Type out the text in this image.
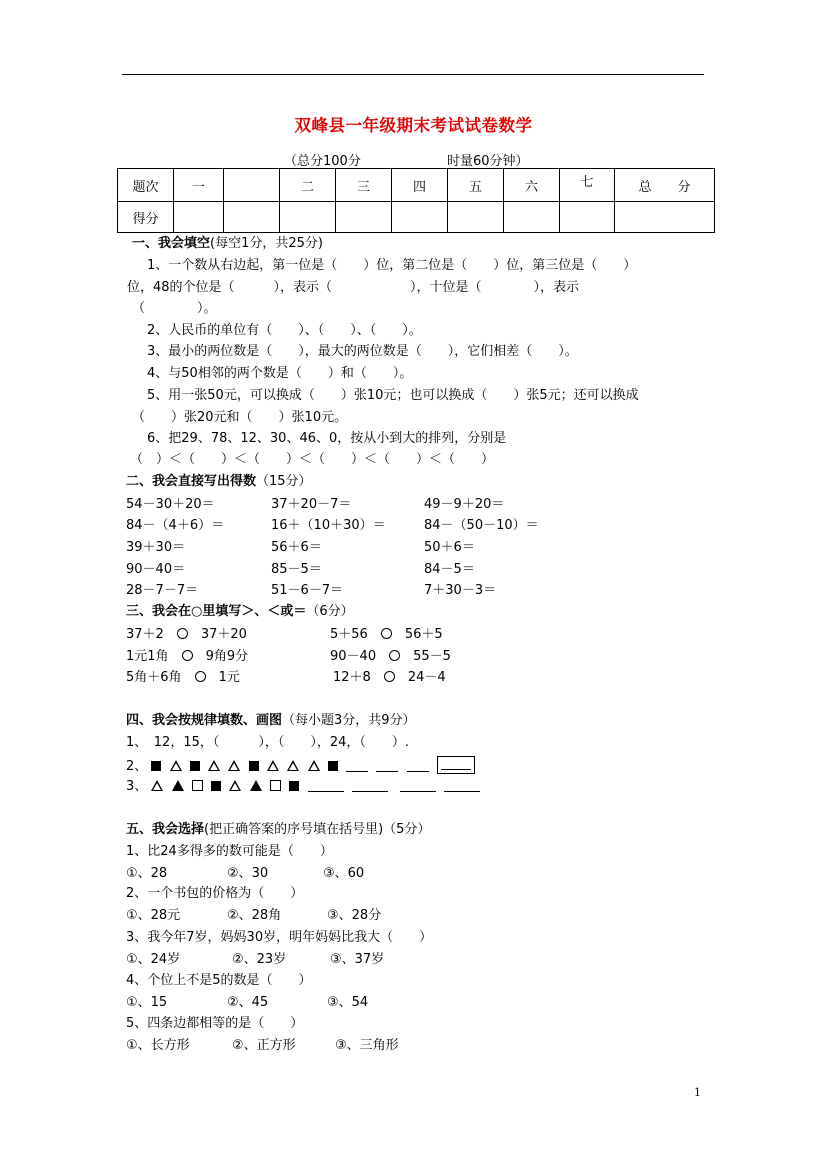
双峰县一年级期末考试试卷数学
（总分100分	时量60分钟）
题次	一		二	三	四	五	六	七	总　　分
得分									
一、我会填空(每空1分，共25分)
1、一个数从右边起，第一位是（　　）位，第二位是（　　）位，第三位是（　　）
位，48的个位是（　　　），表示（　　　　　　），十位是（　　　　），表示
（　　　　）。
2、人民币的单位有（　　）、（　　）、（　　）。
3、最小的两位数是（　　），最大的两位数是（　　），它们相差（　　）。
4、与50相邻的两个数是（　　）和（　　）。
5、用一张50元，可以换成（　　）张10元；也可以换成（　　）张5元；还可以换成
（　　）张20元和（　　）张10元。
6、把29、78、12、30、46、0，按从小到大的排列，分别是
（　）＜（　　）＜（　　）＜（　　）＜（　　）＜（　　）
二、我会直接写出得数（15分）
54－30＋20＝	37＋20－7＝	49－9＋20＝
84－（4＋6）＝	16＋（10＋30）＝	84－（50－10）＝
39＋30＝	56＋6＝	50＋6＝
90－40＝	85－5＝	84－5＝
28－7－7＝	51－6－7＝	7＋30－3＝
三、我会在○里填写＞、＜或＝（6分）
37＋2　　	37＋20	5＋56　　	56＋5
1元1角　　	9角9分	90－40　　	55－5
5角＋6角　　	1元	12＋8　　	24－4
四、我会按规律填数、画图（每小题3分，共9分）
1、　12，15，（　　　），（　　），24，（　　）.
2、
3、
五、我会选择(把正确答案的序号填在括号里)（5分）
1、比24多得多的数可能是（　　）
①、28	②、30	③、60
2、一个书包的价格为（　　）
①、28元	②、28角	③、28分
3、我今年7岁，妈妈30岁，明年妈妈比我大（　　）
①、24岁	②、23岁	③、37岁
4、个位上不是5的数是（　　）
①、15	②、45	③、54
5、四条边都相等的是（　　）
①、长方形	②、正方形	③、三角形
1
